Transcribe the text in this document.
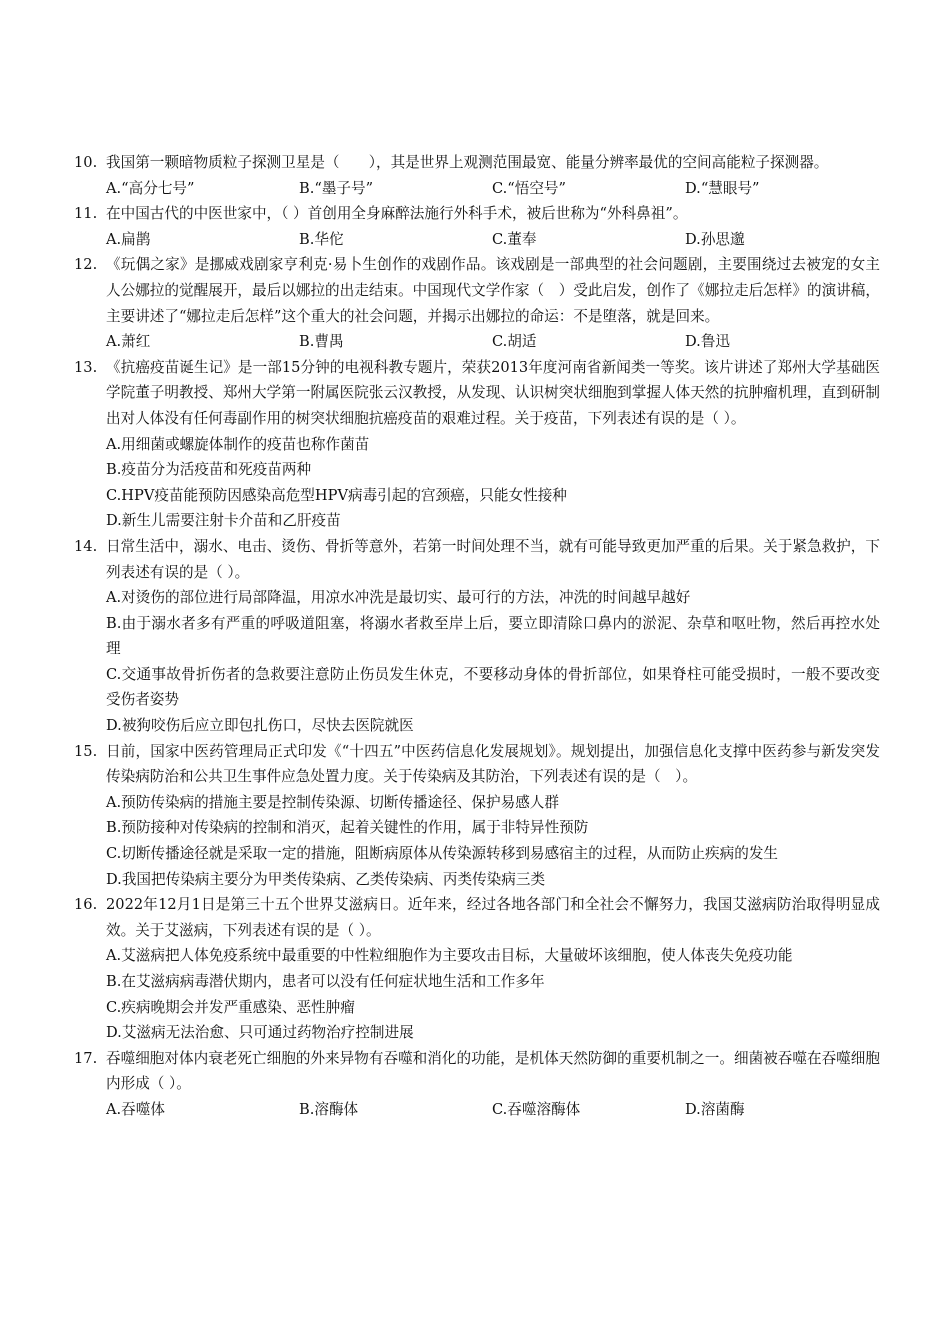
10. 我国第一颗暗物质粒子探测卫星是（　　），其是世界上观测范围最宽、能量分辨率最优的空间高能粒子探测器。
A.“高分七号”	B.“墨子号”	C.“悟空号”	D.“慧眼号”
11. 在中国古代的中医世家中，（ ）首创用全身麻醉法施行外科手术，被后世称为“外科鼻祖”。
A.扁鹊	B.华佗	C.董奉	D.孙思邈
12. 《玩偶之家》是挪威戏剧家亨利克·易卜生创作的戏剧作品。该戏剧是一部典型的社会问题剧，主要围绕过去被宠的女主人公娜拉的觉醒展开，最后以娜拉的出走结束。中国现代文学作家（　）受此启发，创作了《娜拉走后怎样》的演讲稿，主要讲述了“娜拉走后怎样”这个重大的社会问题，并揭示出娜拉的命运：不是堕落，就是回来。
A.萧红	B.曹禺	C.胡适	D.鲁迅
13. 《抗癌疫苗诞生记》是一部15分钟的电视科教专题片，荣获2013年度河南省新闻类一等奖。该片讲述了郑州大学基础医学院董子明教授、郑州大学第一附属医院张云汉教授，从发现、认识树突状细胞到掌握人体天然的抗肿瘤机理，直到研制出对人体没有任何毒副作用的树突状细胞抗癌疫苗的艰难过程。关于疫苗，下列表述有误的是（ ）。
A.用细菌或螺旋体制作的疫苗也称作菌苗
B.疫苗分为活疫苗和死疫苗两种
C.HPV疫苗能预防因感染高危型HPV病毒引起的宫颈癌，只能女性接种
D.新生儿需要注射卡介苗和乙肝疫苗
14. 日常生活中，溺水、电击、烫伤、骨折等意外，若第一时间处理不当，就有可能导致更加严重的后果。关于紧急救护，下列表述有误的是（ ）。
A.对烫伤的部位进行局部降温，用凉水冲洗是最切实、最可行的方法，冲洗的时间越早越好
B.由于溺水者多有严重的呼吸道阻塞，将溺水者救至岸上后，要立即清除口鼻内的淤泥、杂草和呕吐物，然后再控水处理
C.交通事故骨折伤者的急救要注意防止伤员发生休克，不要移动身体的骨折部位，如果脊柱可能受损时，一般不要改变受伤者姿势
D.被狗咬伤后应立即包扎伤口，尽快去医院就医
15. 日前，国家中医药管理局正式印发《“十四五”中医药信息化发展规划》。规划提出，加强信息化支撑中医药参与新发突发传染病防治和公共卫生事件应急处置力度。关于传染病及其防治，下列表述有误的是（　）。
A.预防传染病的措施主要是控制传染源、切断传播途径、保护易感人群
B.预防接种对传染病的控制和消灭，起着关键性的作用，属于非特异性预防
C.切断传播途径就是采取一定的措施，阻断病原体从传染源转移到易感宿主的过程，从而防止疾病的发生
D.我国把传染病主要分为甲类传染病、乙类传染病、丙类传染病三类
16. 2022年12月1日是第三十五个世界艾滋病日。近年来，经过各地各部门和全社会不懈努力，我国艾滋病防治取得明显成效。关于艾滋病，下列表述有误的是（ ）。
A.艾滋病把人体免疫系统中最重要的中性粒细胞作为主要攻击目标，大量破坏该细胞，使人体丧失免疫功能
B.在艾滋病病毒潜伏期内，患者可以没有任何症状地生活和工作多年
C.疾病晚期会并发严重感染、恶性肿瘤
D.艾滋病无法治愈、只可通过药物治疗控制进展
17. 吞噬细胞对体内衰老死亡细胞的外来异物有吞噬和消化的功能，是机体天然防御的重要机制之一。细菌被吞噬在吞噬细胞内形成（ ）。
A.吞噬体	B.溶酶体	C.吞噬溶酶体	D.溶菌酶
